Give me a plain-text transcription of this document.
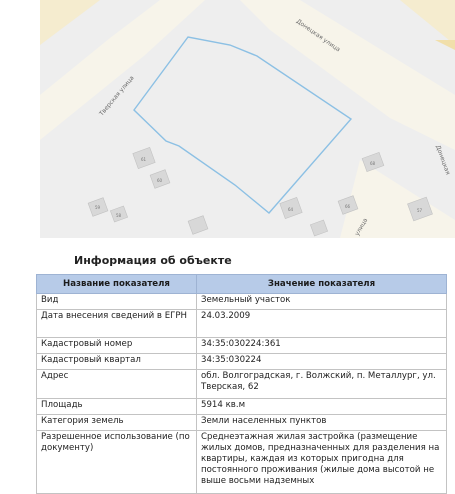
61
60
59
58
64
66
68
57
Донецкая улица
Тверская улица
Донецкая
улица
Информация об объекте
Название показателя	Значение показателя
Вид	Земельный участок
Дата внесения сведений в ЕГРН	24.03.2009
Кадастровый номер	34:35:030224:361
Кадастровый квартал	34:35:030224
Адрес	обл. Волгоградская, г. Волжский, п. Металлург, ул. Тверская, 62
Площадь	5914 кв.м
Категория земель	Земли населенных пунктов
Разрешенное использование (по документу)	Среднеэтажная жилая застройка (размещение жилых домов, предназначенных для разделения на квартиры, каждая из которых пригодна для постоянного проживания (жилые дома высотой не выше восьми надземных
